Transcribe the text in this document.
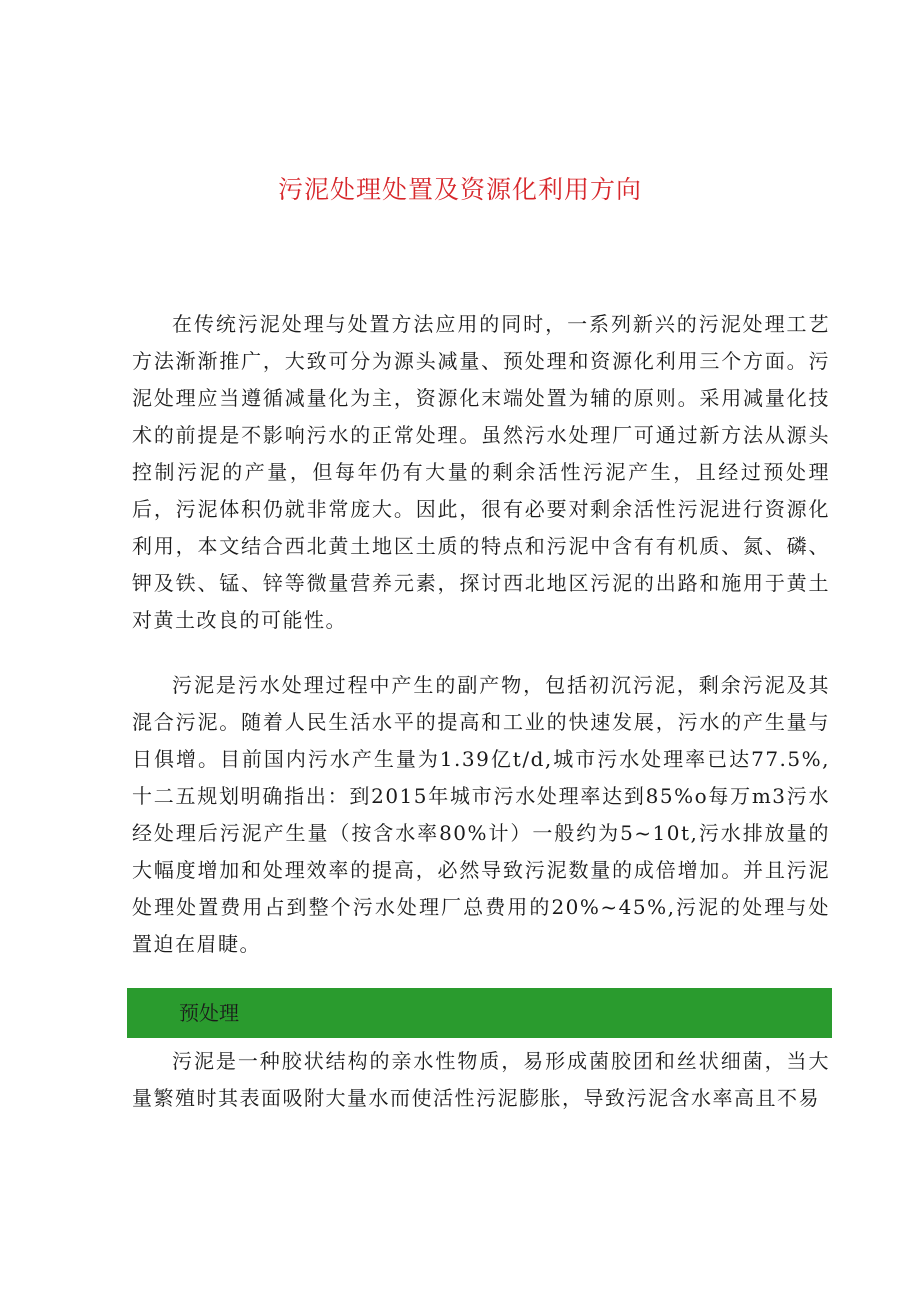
污泥处理处置及资源化利用方向

在传统污泥处理与处置方法应用的同时，一系列新兴的污泥处理工艺方法渐渐推广，大致可分为源头减量、预处理和资源化利用三个方面。污泥处理应当遵循减量化为主，资源化末端处置为辅的原则。采用减量化技术的前提是不影响污水的正常处理。虽然污水处理厂可通过新方法从源头控制污泥的产量，但每年仍有大量的剩余活性污泥产生，且经过预处理后，污泥体积仍就非常庞大。因此，很有必要对剩余活性污泥进行资源化利用，本文结合西北黄土地区土质的特点和污泥中含有有机质、氮、磷、钾及铁、锰、锌等微量营养元素，探讨西北地区污泥的出路和施用于黄土对黄土改良的可能性。

污泥是污水处理过程中产生的副产物，包括初沉污泥，剩余污泥及其混合污泥。随着人民生活水平的提高和工业的快速发展，污水的产生量与日俱增。目前国内污水产生量为1.39亿t/d,城市污水处理率已达77.5%,十二五规划明确指出：到2015年城市污水处理率达到85%o每万m3污水经处理后污泥产生量（按含水率80%计）一般约为5~10t,污水排放量的大幅度增加和处理效率的提高，必然导致污泥数量的成倍增加。并且污泥处理处置费用占到整个污水处理厂总费用的20%~45%,污泥的处理与处置迫在眉睫。

预处理

污泥是一种胶状结构的亲水性物质，易形成菌胶团和丝状细菌，当大量繁殖时其表面吸附大量水而使活性污泥膨胀，导致污泥含水率高且不易
